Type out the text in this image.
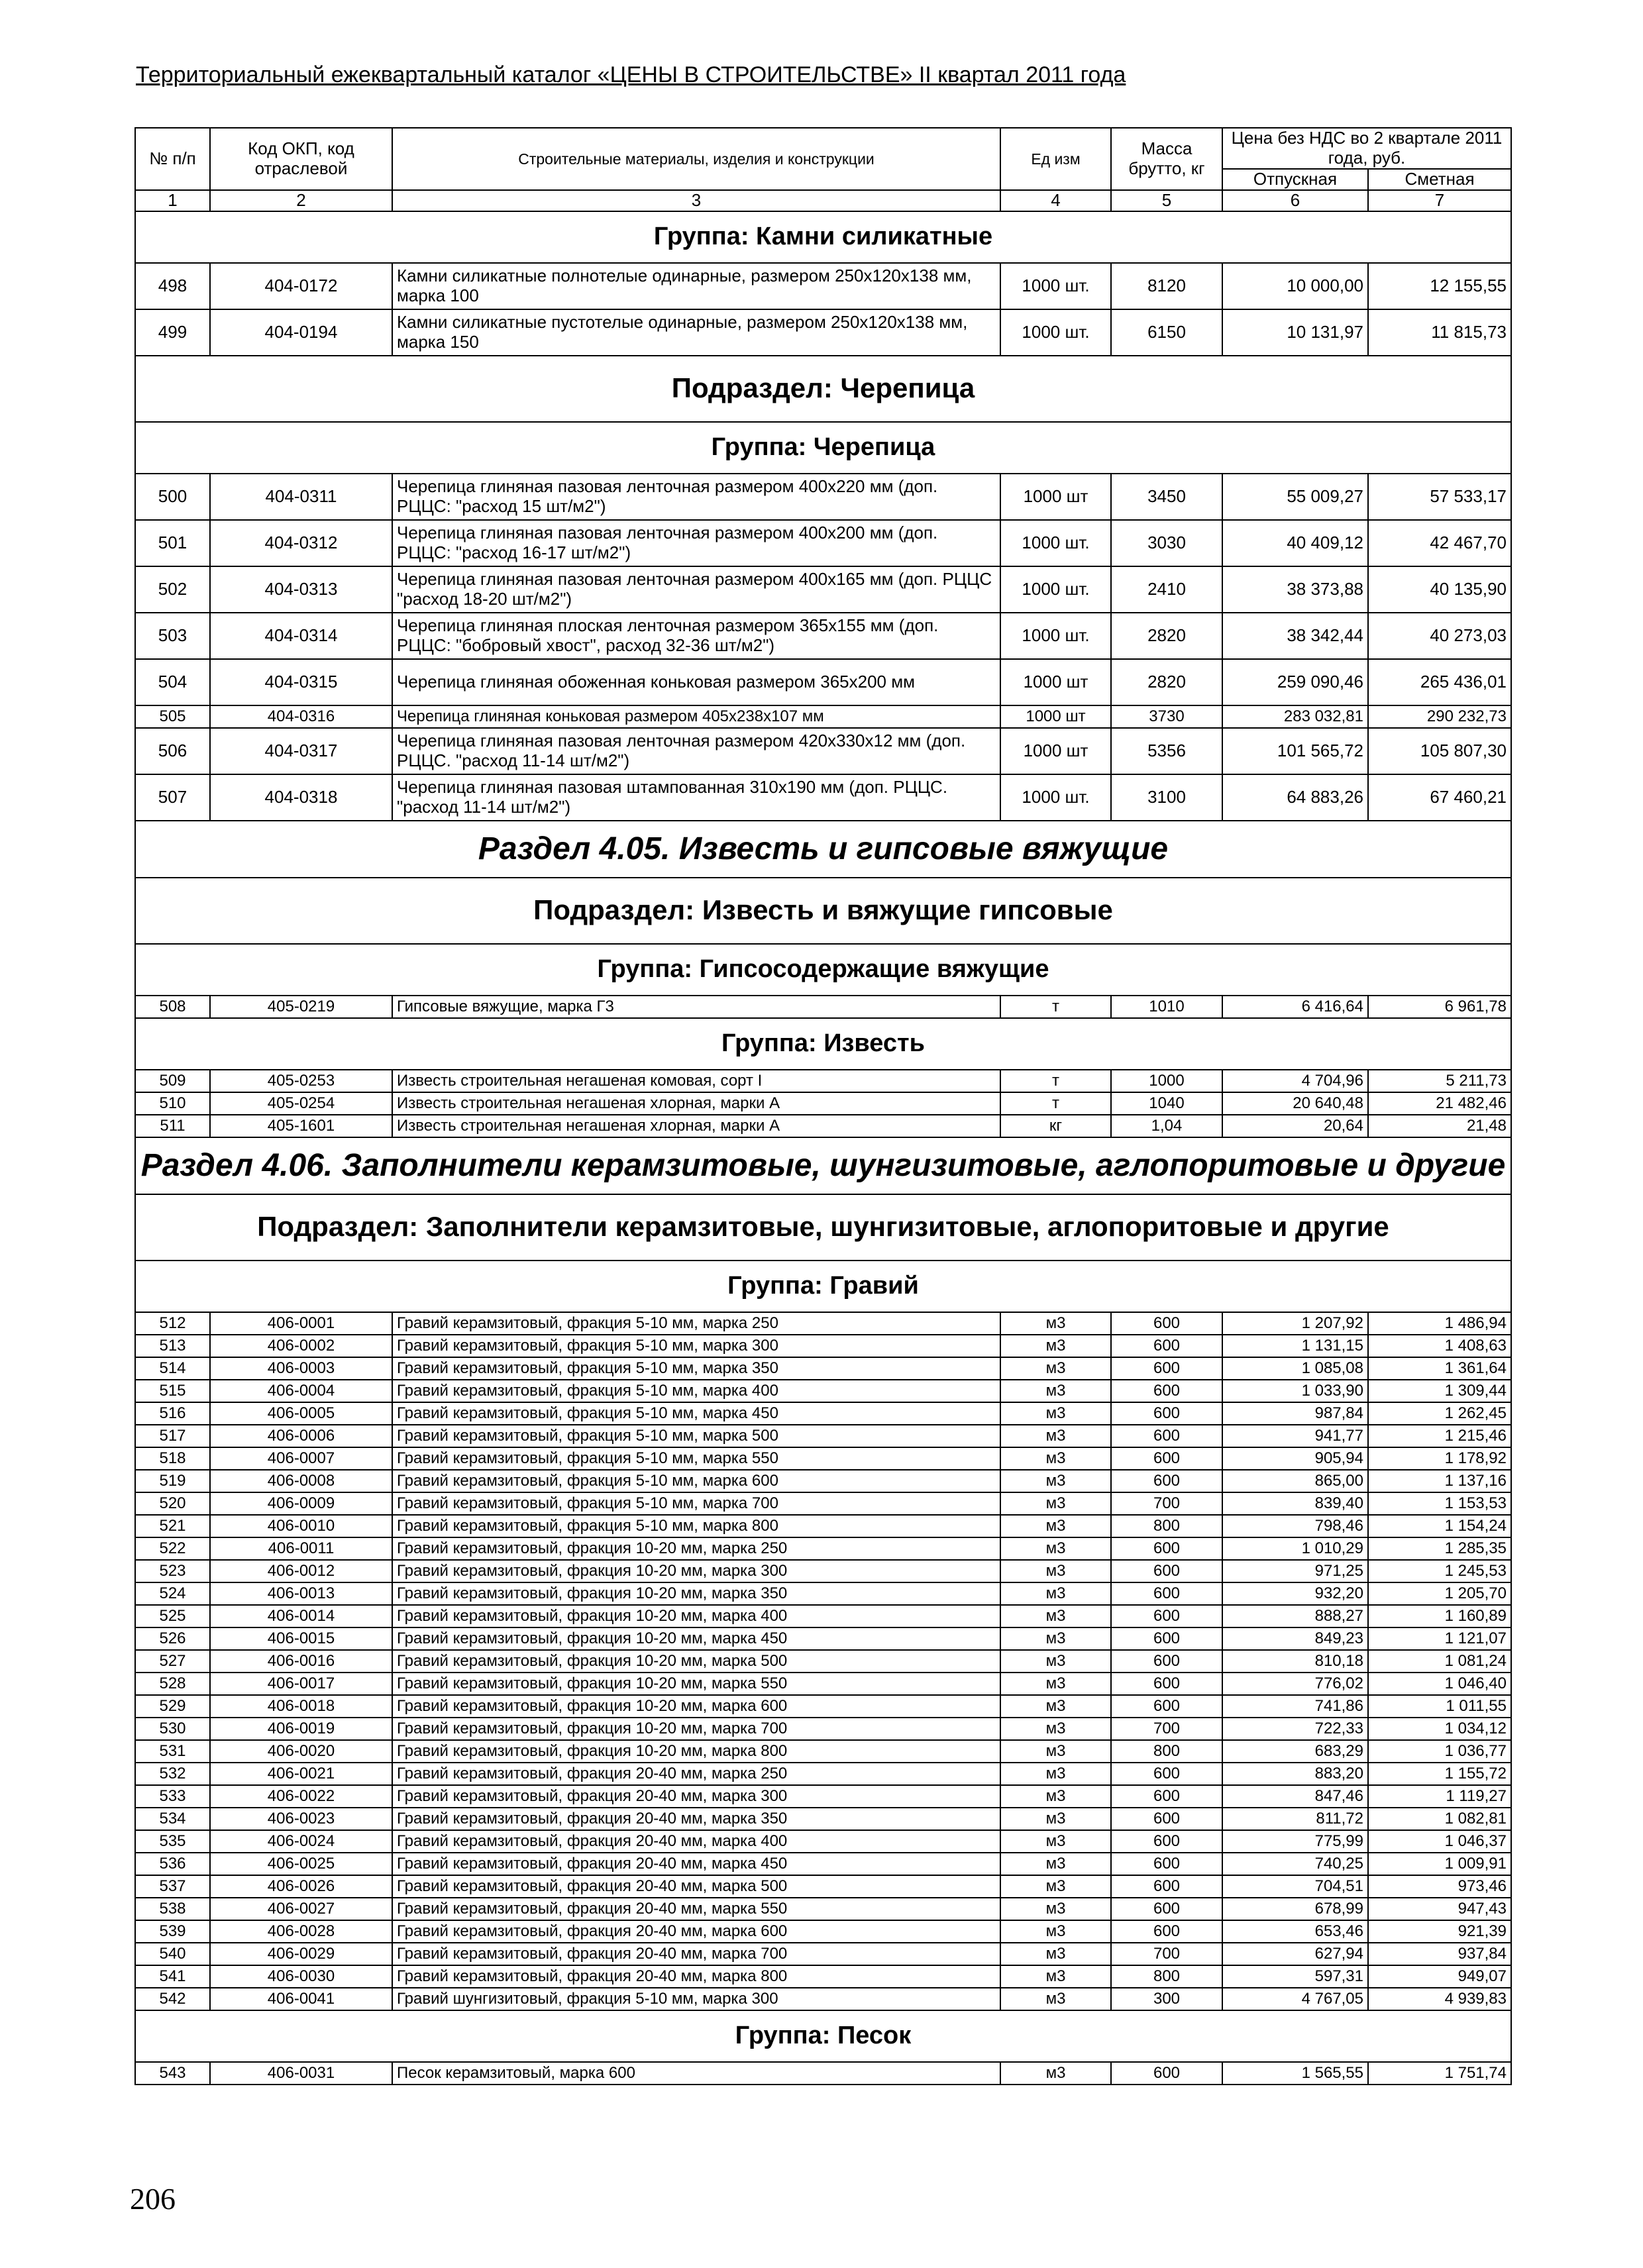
Территориальный ежеквартальный каталог «ЦЕНЫ В СТРОИТЕЛЬСТВЕ» II квартал 2011 года
№ п/п	Код ОКП, код отраслевой	Строительные материалы, изделия и конструкции	Ед изм	Масса брутто, кг	Цена без НДС во 2 квартале 2011 года, руб.	
					Отпускная	Сметная
1	2	3	4	5	6	7
Группа: Камни силикатные						
498	404-0172	Камни силикатные полнотелые одинарные, размером 250х120х138 мм, марка 100	1000 шт.	8120	10 000,00	12 155,55
499	404-0194	Камни силикатные пустотелые одинарные, размером 250х120х138 мм, марка 150	1000 шт.	6150	10 131,97	11 815,73
Подраздел: Черепица						
Группа: Черепица						
500	404-0311	Черепица глиняная пазовая ленточная размером 400х220 мм (доп. РЦЦС: "расход 15 шт/м2")	1000 шт	3450	55 009,27	57 533,17
501	404-0312	Черепица глиняная пазовая ленточная размером 400х200 мм (доп. РЦЦС: "расход 16-17 шт/м2")	1000 шт.	3030	40 409,12	42 467,70
502	404-0313	Черепица глиняная пазовая ленточная размером 400х165 мм (доп. РЦЦС "расход 18-20 шт/м2")	1000 шт.	2410	38 373,88	40 135,90
503	404-0314	Черепица глиняная плоская ленточная размером 365х155 мм (доп. РЦЦС: "бобровый хвост", расход 32-36 шт/м2")	1000 шт.	2820	38 342,44	40 273,03
504	404-0315	Черепица глиняная обоженная коньковая размером 365х200 мм	1000 шт	2820	259 090,46	265 436,01
505	404-0316	Черепица глиняная коньковая размером 405х238х107 мм	1000 шт	3730	283 032,81	290 232,73
506	404-0317	Черепица глиняная пазовая ленточная размером 420х330х12 мм (доп. РЦЦС. "расход 11-14 шт/м2")	1000 шт	5356	101 565,72	105 807,30
507	404-0318	Черепица глиняная пазовая штампованная 310х190 мм (доп. РЦЦС. "расход 11-14 шт/м2")	1000 шт.	3100	64 883,26	67 460,21
Раздел 4.05. Известь и гипсовые вяжущие						
Подраздел: Известь и вяжущие гипсовые						
Группа: Гипсосодержащие вяжущие						
508	405-0219	Гипсовые вяжущие, марка Г3	т	1010	6 416,64	6 961,78
Группа: Известь						
509	405-0253	Известь строительная негашеная комовая, сорт I	т	1000	4 704,96	5 211,73
510	405-0254	Известь строительная негашеная хлорная, марки А	т	1040	20 640,48	21 482,46
511	405-1601	Известь строительная негашеная хлорная, марки А	кг	1,04	20,64	21,48
Раздел 4.06. Заполнители керамзитовые, шунгизитовые, аглопоритовые и другие						
Подраздел: Заполнители керамзитовые, шунгизитовые, аглопоритовые и другие						
Группа: Гравий						
512	406-0001	Гравий керамзитовый, фракция 5-10 мм, марка 250	м3	600	1 207,92	1 486,94
513	406-0002	Гравий керамзитовый, фракция 5-10 мм, марка 300	м3	600	1 131,15	1 408,63
514	406-0003	Гравий керамзитовый, фракция 5-10 мм, марка 350	м3	600	1 085,08	1 361,64
515	406-0004	Гравий керамзитовый, фракция 5-10 мм, марка 400	м3	600	1 033,90	1 309,44
516	406-0005	Гравий керамзитовый, фракция 5-10 мм, марка 450	м3	600	987,84	1 262,45
517	406-0006	Гравий керамзитовый, фракция 5-10 мм, марка 500	м3	600	941,77	1 215,46
518	406-0007	Гравий керамзитовый, фракция 5-10 мм, марка 550	м3	600	905,94	1 178,92
519	406-0008	Гравий керамзитовый, фракция 5-10 мм, марка 600	м3	600	865,00	1 137,16
520	406-0009	Гравий керамзитовый, фракция 5-10 мм, марка 700	м3	700	839,40	1 153,53
521	406-0010	Гравий керамзитовый, фракция 5-10 мм, марка 800	м3	800	798,46	1 154,24
522	406-0011	Гравий керамзитовый, фракция 10-20 мм, марка 250	м3	600	1 010,29	1 285,35
523	406-0012	Гравий керамзитовый, фракция 10-20 мм, марка 300	м3	600	971,25	1 245,53
524	406-0013	Гравий керамзитовый, фракция 10-20 мм, марка 350	м3	600	932,20	1 205,70
525	406-0014	Гравий керамзитовый, фракция 10-20 мм, марка 400	м3	600	888,27	1 160,89
526	406-0015	Гравий керамзитовый, фракция 10-20 мм, марка 450	м3	600	849,23	1 121,07
527	406-0016	Гравий керамзитовый, фракция 10-20 мм, марка 500	м3	600	810,18	1 081,24
528	406-0017	Гравий керамзитовый, фракция 10-20 мм, марка 550	м3	600	776,02	1 046,40
529	406-0018	Гравий керамзитовый, фракция 10-20 мм, марка 600	м3	600	741,86	1 011,55
530	406-0019	Гравий керамзитовый, фракция 10-20 мм, марка 700	м3	700	722,33	1 034,12
531	406-0020	Гравий керамзитовый, фракция 10-20 мм, марка 800	м3	800	683,29	1 036,77
532	406-0021	Гравий керамзитовый, фракция 20-40 мм, марка 250	м3	600	883,20	1 155,72
533	406-0022	Гравий керамзитовый, фракция 20-40 мм, марка 300	м3	600	847,46	1 119,27
534	406-0023	Гравий керамзитовый, фракция 20-40 мм, марка 350	м3	600	811,72	1 082,81
535	406-0024	Гравий керамзитовый, фракция 20-40 мм, марка 400	м3	600	775,99	1 046,37
536	406-0025	Гравий керамзитовый, фракция 20-40 мм, марка 450	м3	600	740,25	1 009,91
537	406-0026	Гравий керамзитовый, фракция 20-40 мм, марка 500	м3	600	704,51	973,46
538	406-0027	Гравий керамзитовый, фракция 20-40 мм, марка 550	м3	600	678,99	947,43
539	406-0028	Гравий керамзитовый, фракция 20-40 мм, марка 600	м3	600	653,46	921,39
540	406-0029	Гравий керамзитовый, фракция 20-40 мм, марка 700	м3	700	627,94	937,84
541	406-0030	Гравий керамзитовый, фракция 20-40 мм, марка 800	м3	800	597,31	949,07
542	406-0041	Гравий шунгизитовый, фракция 5-10 мм, марка 300	м3	300	4 767,05	4 939,83
Группа: Песок						
543	406-0031	Песок керамзитовый, марка 600	м3	600	1 565,55	1 751,74
206
